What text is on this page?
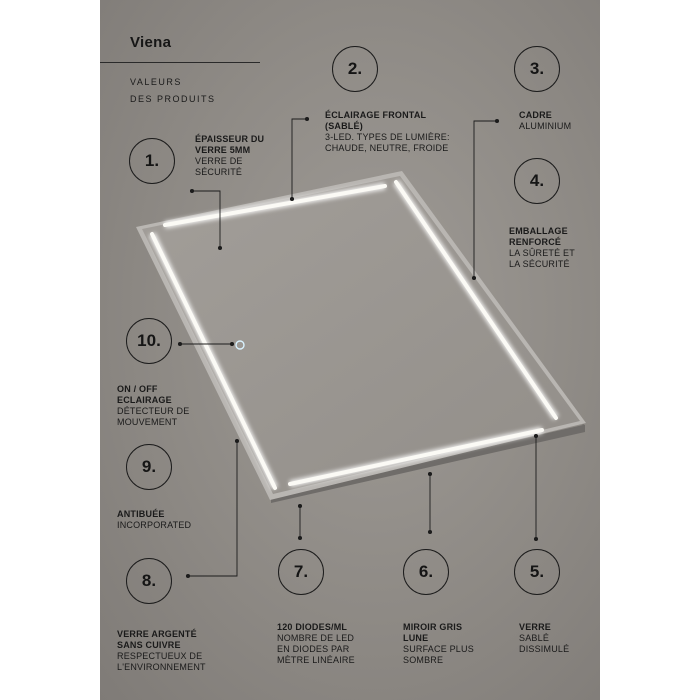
Viena
VALEURS
DES PRODUITS
1.
ÉPAISSEUR DU
VERRE 5MM
VERRE DE
SÉCURITÉ
2.
ÉCLAIRAGE FRONTAL
(SABLÉ)
3-LED. TYPES DE LUMIÈRE:
CHAUDE, NEUTRE, FROIDE
3.
CADRE
ALUMINIUM
4.
EMBALLAGE
RENFORCÉ
LA SÛRETÉ ET
LA SÉCURITÉ
10.
ON / OFF
ECLAIRAGE
DÉTECTEUR DE
MOUVEMENT
9.
ANTIBUÉE
INCORPORATED
8.
VERRE ARGENTÉ
SANS CUIVRE
RESPECTUEUX DE
L'ENVIRONNEMENT
7.
120 DIODES/ML
NOMBRE DE LED
EN DIODES PAR
MÈTRE LINÉAIRE
6.
MIROIR GRIS
LUNE
SURFACE PLUS
SOMBRE
5.
VERRE
SABLÉ
DISSIMULÉ
